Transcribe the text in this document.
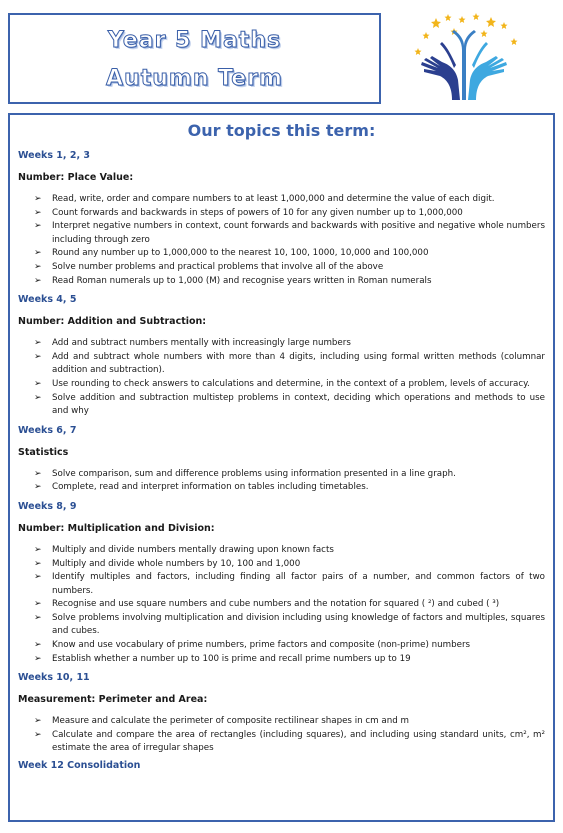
Year 5 Maths
Autumn Term
Our topics this term:
Weeks 1, 2, 3
Number: Place Value:
➢ Read, write, order and compare numbers to at least 1,000,000 and determine the value of each digit.
➢ Count forwards and backwards in steps of powers of 10 for any given number up to 1,000,000
➢ Interpret negative numbers in context, count forwards and backwards with positive and negative whole numbers including through zero
➢ Round any number up to 1,000,000 to the nearest 10, 100, 1000, 10,000 and 100,000
➢ Solve number problems and practical problems that involve all of the above
➢ Read Roman numerals up to 1,000 (M) and recognise years written in Roman numerals
Weeks 4, 5
Number: Addition and Subtraction:
➢ Add and subtract numbers mentally with increasingly large numbers
➢ Add and subtract whole numbers with more than 4 digits, including using formal written methods (columnar addition and subtraction).
➢ Use rounding to check answers to calculations and determine, in the context of a problem, levels of accuracy.
➢ Solve addition and subtraction multistep problems in context, deciding which operations and methods to use and why
Weeks 6, 7
Statistics
➢ Solve comparison, sum and difference problems using information presented in a line graph.
➢ Complete, read and interpret information on tables including timetables.
Weeks 8, 9
Number: Multiplication and Division:
➢ Multiply and divide numbers mentally drawing upon known facts
➢ Multiply and divide whole numbers by 10, 100 and 1,000
➢ Identify multiples and factors, including finding all factor pairs of a number, and common factors of two numbers.
➢ Recognise and use square numbers and cube numbers and the notation for squared ( ²) and cubed ( ³)
➢ Solve problems involving multiplication and division including using knowledge of factors and multiples, squares and cubes.
➢ Know and use vocabulary of prime numbers, prime factors and composite (non-prime) numbers
➢ Establish whether a number up to 100 is prime and recall prime numbers up to 19
Weeks 10, 11
Measurement: Perimeter and Area:
➢ Measure and calculate the perimeter of composite rectilinear shapes in cm and m
➢ Calculate and compare the area of rectangles (including squares), and including using standard units, cm², m² estimate the area of irregular shapes
Week 12 Consolidation
